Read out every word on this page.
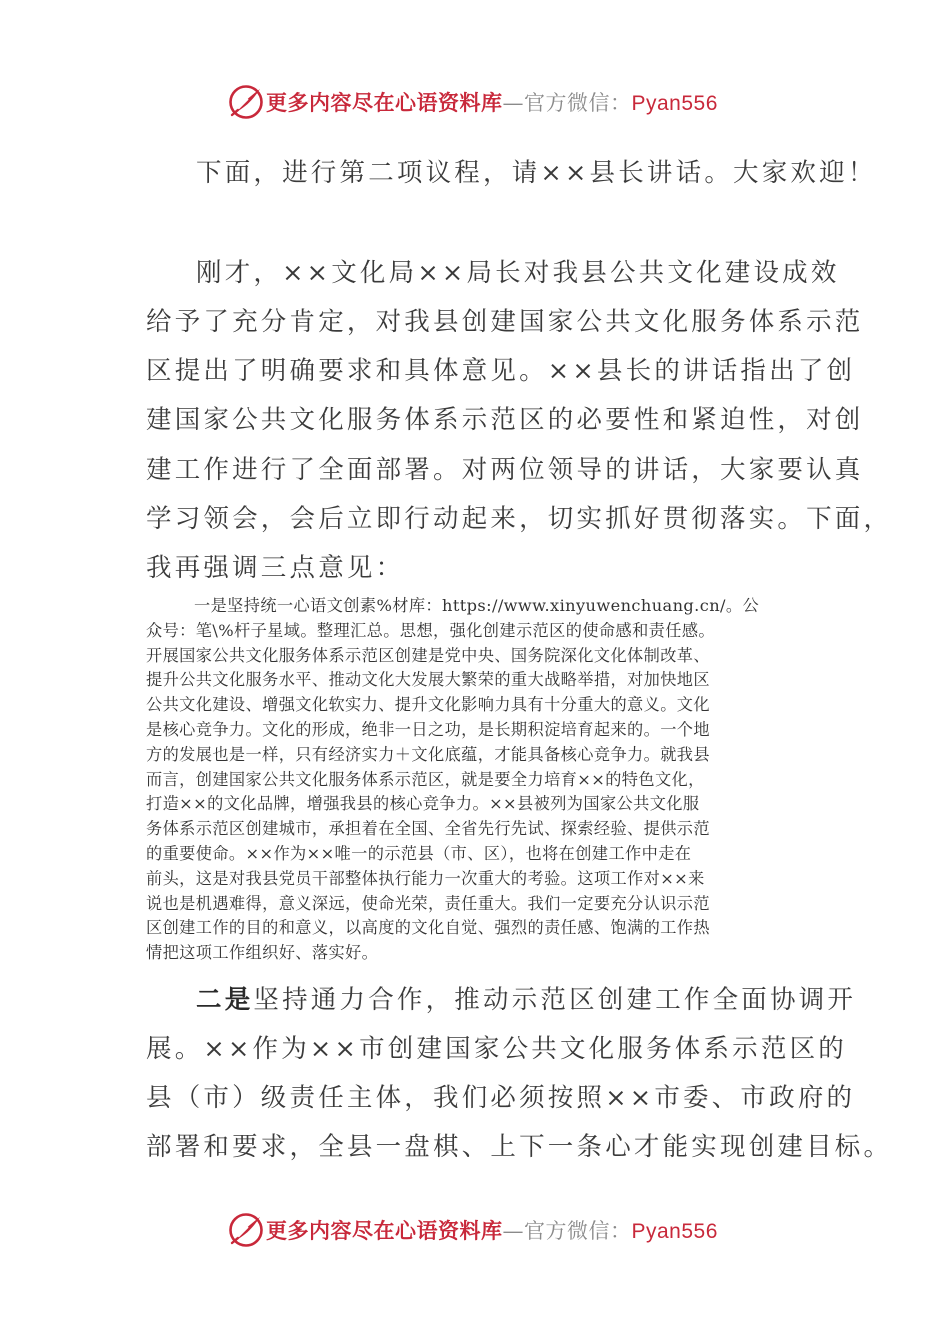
更多内容尽在心语资料库—官方微信：Pyan556
下面，进行第二项议程，请××县长讲话。大家欢迎！
刚才，××文化局××局长对我县公共文化建设成效
给予了充分肯定，对我县创建国家公共文化服务体系示范
区提出了明确要求和具体意见。××县长的讲话指出了创
建国家公共文化服务体系示范区的必要性和紧迫性，对创
建工作进行了全面部署。对两位领导的讲话，大家要认真
学习领会，会后立即行动起来，切实抓好贯彻落实。下面，
我再强调三点意见：
一是坚持统一心语文创素%材库：https://www.xinyuwenchuang.cn/。公
众号：笔\%杆子星域。整理汇总。思想，强化创建示范区的使命感和责任感。
开展国家公共文化服务体系示范区创建是党中央、国务院深化文化体制改革、
提升公共文化服务水平、推动文化大发展大繁荣的重大战略举措，对加快地区
公共文化建设、增强文化软实力、提升文化影响力具有十分重大的意义。文化
是核心竞争力。文化的形成，绝非一日之功，是长期积淀培育起来的。一个地
方的发展也是一样，只有经济实力＋文化底蕴，才能具备核心竞争力。就我县
而言，创建国家公共文化服务体系示范区，就是要全力培育××的特色文化，
打造××的文化品牌，增强我县的核心竞争力。××县被列为国家公共文化服
务体系示范区创建城市，承担着在全国、全省先行先试、探索经验、提供示范
的重要使命。××作为××唯一的示范县（市、区），也将在创建工作中走在
前头，这是对我县党员干部整体执行能力一次重大的考验。这项工作对××来
说也是机遇难得，意义深远，使命光荣，责任重大。我们一定要充分认识示范
区创建工作的目的和意义，以高度的文化自觉、强烈的责任感、饱满的工作热
情把这项工作组织好、落实好。
二是坚持通力合作，推动示范区创建工作全面协调开
展。××作为××市创建国家公共文化服务体系示范区的
县（市）级责任主体，我们必须按照××市委、市政府的
部署和要求，全县一盘棋、上下一条心才能实现创建目标。
更多内容尽在心语资料库—官方微信：Pyan556
